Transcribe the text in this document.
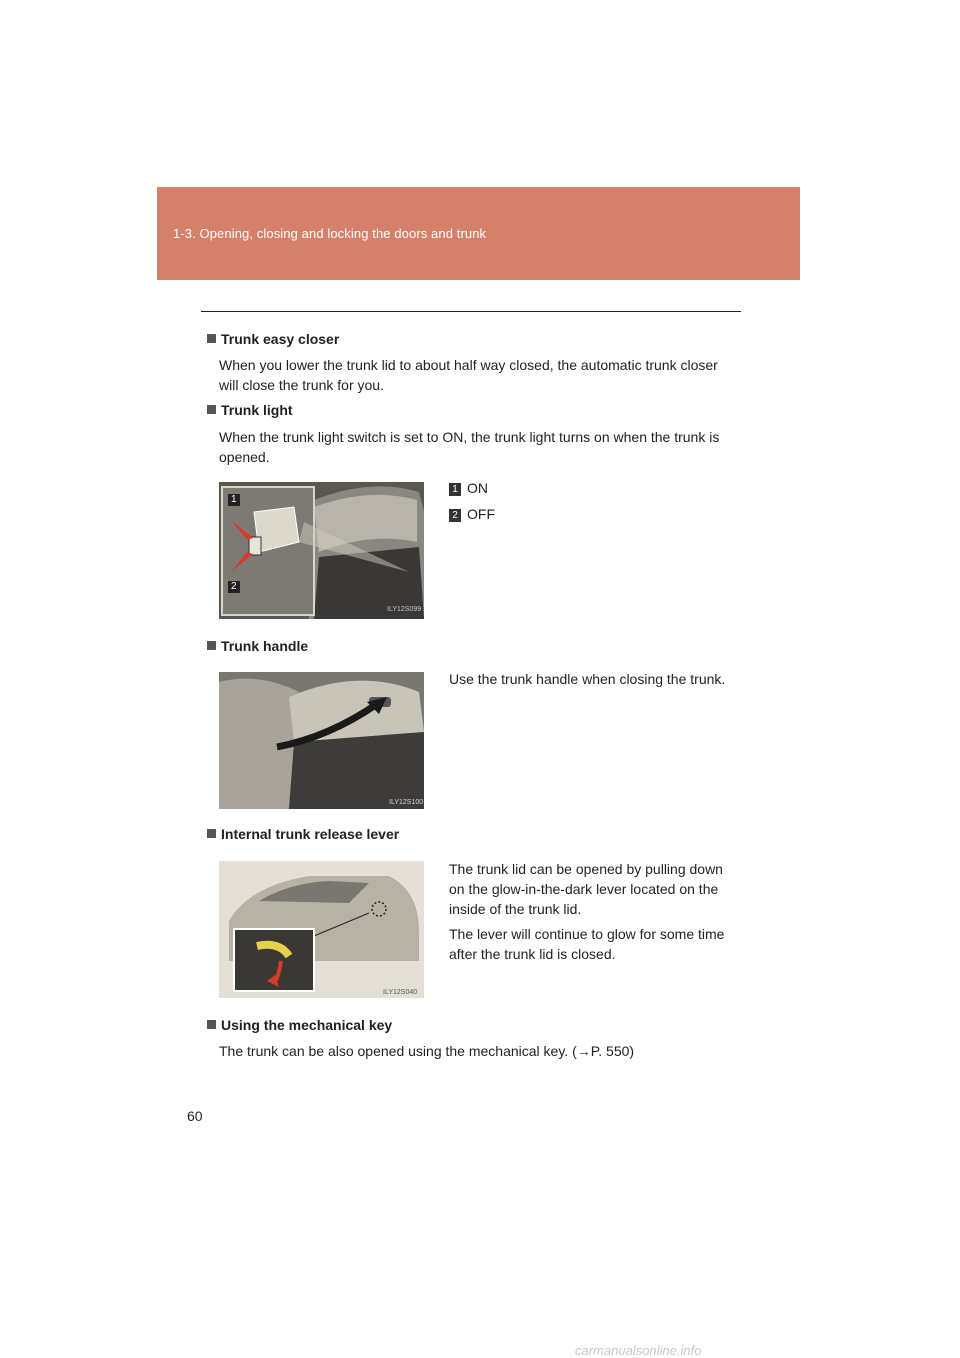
1-3. Opening, closing and locking the doors and trunk
Trunk easy closer
When you lower the trunk lid to about half way closed, the automatic trunk closer
will close the trunk for you.
Trunk light
When the trunk light switch is set to ON, the trunk light turns on when the trunk is
opened.
1
2
ILY12S099
1 ON
2 OFF
Trunk handle
ILY12S100
Use the trunk handle when closing the trunk.
Internal trunk release lever
ILY12S040
The trunk lid can be opened by pulling down
on the glow-in-the-dark lever located on the
inside of the trunk lid.
The lever will continue to glow for some time
after the trunk lid is closed.
Using the mechanical key
The trunk can be also opened using the mechanical key. (→P. 550)
60
carmanualsonline.info
